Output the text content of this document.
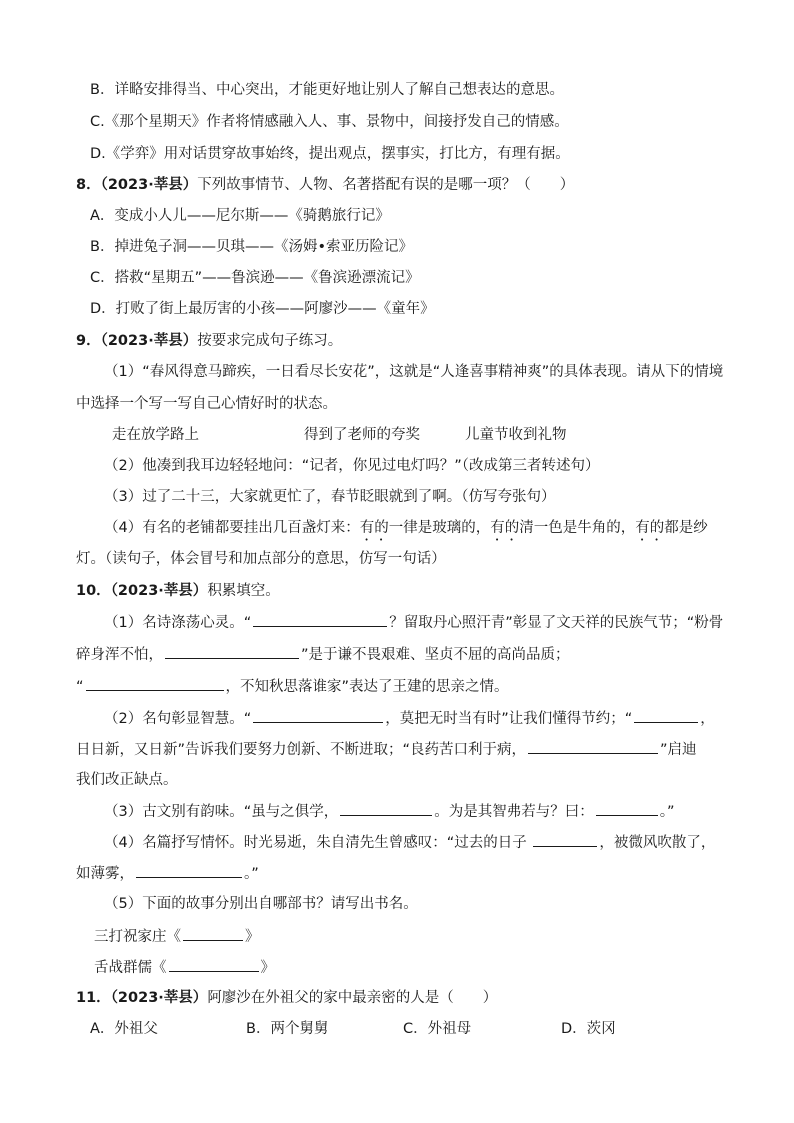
B．详略安排得当、中心突出，才能更好地让别人了解自己想表达的意思。
C.《那个星期天》作者将情感融入人、事、景物中，间接抒发自己的情感。
D.《学弈》用对话贯穿故事始终，提出观点，摆事实，打比方，有理有据。
8．（2023·莘县）下列故事情节、人物、名著搭配有误的是哪一项？（　　）
A．变成小人儿——尼尔斯——《骑鹅旅行记》
B．掉进兔子洞——贝琪——《汤姆•索亚历险记》
C．搭救“星期五”——鲁滨逊——《鲁滨逊漂流记》
D．打败了街上最厉害的小孩——阿廖沙——《童年》
9．（2023·莘县）按要求完成句子练习。
（1）“春风得意马蹄疾，一日看尽长安花”，这就是“人逢喜事精神爽”的具体表现。请从下的情境
中选择一个写一写自己心情好时的状态。
走在放学路上	得到了老师的夸奖	儿童节收到礼物
（2）他凑到我耳边轻轻地问：“记者，你见过电灯吗？”（改成第三者转述句）
（3）过了二十三，大家就更忙了，春节眨眼就到了啊。（仿写夸张句）
（4）有名的老铺都要挂出几百盏灯来：有的一律是玻璃的，有的清一色是牛角的，有的都是纱
灯。（读句子，体会冒号和加点部分的意思，仿写一句话）
10．（2023·莘县）积累填空。
（1）名诗涤荡心灵。“	？留取丹心照汗青”彰显了文天祥的民族气节；“粉骨
碎身浑不怕，	”是于谦不畏艰难、坚贞不屈的高尚品质；
“	，不知秋思落谁家”表达了王建的思亲之情。
（2）名句彰显智慧。“	，莫把无时当有时”让我们懂得节约；“	，
日日新，又日新”告诉我们要努力创新、不断进取；“良药苦口利于病，	”启迪
我们改正缺点。
（3）古文别有韵味。“虽与之俱学，	。为是其智弗若与？曰：	。”
（4）名篇抒写情怀。时光易逝，朱自清先生曾感叹：“过去的日子	，被微风吹散了，
如薄雾，	。”
（5）下面的故事分别出自哪部书？请写出书名。
三打祝家庄《	》
舌战群儒《	》
11．（2023·莘县）阿廖沙在外祖父的家中最亲密的人是（　　）
A．外祖父	B．两个舅舅	C．外祖母	D．茨冈
